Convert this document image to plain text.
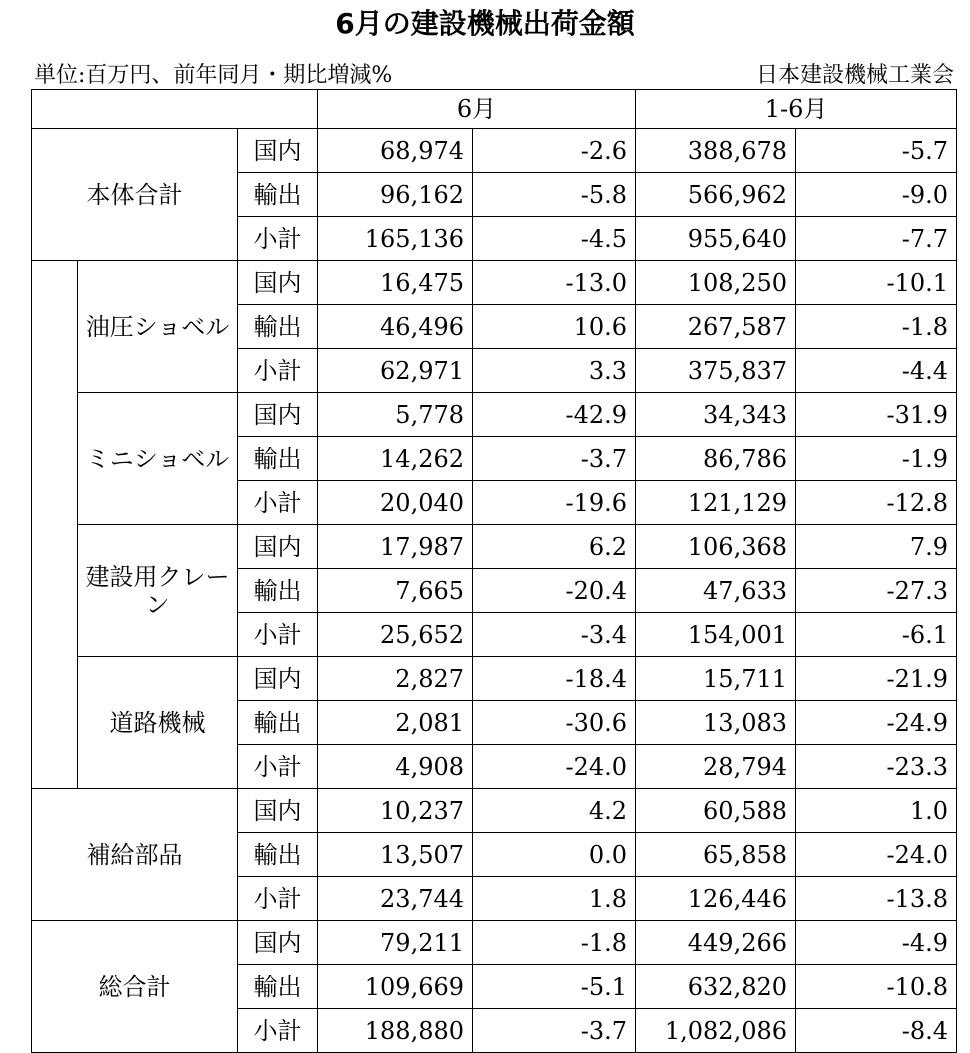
6月の建設機械出荷金額
単位:百万円、前年同月・期比増減%	日本建設機械工業会
			6月		1-6月	
本体合計		国内	68,974	-2.6	388,678	-5.7
		輸出	96,162	-5.8	566,962	-9.0
		小計	165,136	-4.5	955,640	-7.7
	油圧ショベル	国内	16,475	-13.0	108,250	-10.1
		輸出	46,496	10.6	267,587	-1.8
		小計	62,971	3.3	375,837	-4.4
	ミニショベル	国内	5,778	-42.9	34,343	-31.9
		輸出	14,262	-3.7	86,786	-1.9
		小計	20,040	-19.6	121,129	-12.8
	建設用クレーン	国内	17,987	6.2	106,368	7.9
		輸出	7,665	-20.4	47,633	-27.3
		小計	25,652	-3.4	154,001	-6.1
	道路機械	国内	2,827	-18.4	15,711	-21.9
		輸出	2,081	-30.6	13,083	-24.9
		小計	4,908	-24.0	28,794	-23.3
補給部品		国内	10,237	4.2	60,588	1.0
		輸出	13,507	0.0	65,858	-24.0
		小計	23,744	1.8	126,446	-13.8
総合計		国内	79,211	-1.8	449,266	-4.9
		輸出	109,669	-5.1	632,820	-10.8
		小計	188,880	-3.7	1,082,086	-8.4
